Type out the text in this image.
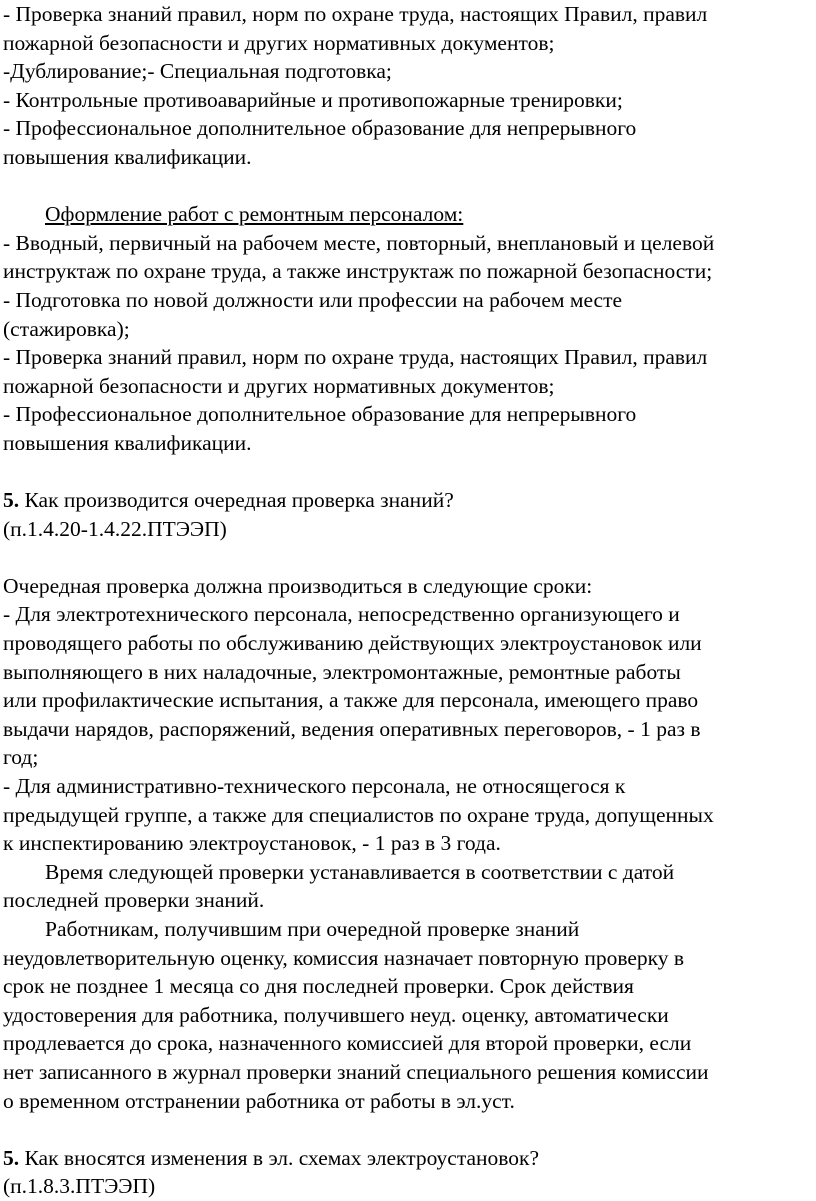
- Проверка знаний правил, норм по охране труда, настоящих Правил, правил
пожарной безопасности и других нормативных документов;
-Дублирование;- Специальная подготовка;
- Контрольные противоаварийные и противопожарные тренировки;
- Профессиональное дополнительное образование для непрерывного
повышения квалификации.
Оформление работ с ремонтным персоналом:
- Вводный, первичный на рабочем месте, повторный, внеплановый и целевой
инструктаж по охране труда, а также инструктаж по пожарной безопасности;
- Подготовка по новой должности или профессии на рабочем месте
(стажировка);
- Проверка знаний правил, норм по охране труда, настоящих Правил, правил
пожарной безопасности и других нормативных документов;
- Профессиональное дополнительное образование для непрерывного
повышения квалификации.
5. Как производится очередная проверка знаний?
(п.1.4.20-1.4.22.ПТЭЭП)
Очередная проверка должна производиться в следующие сроки:
- Для электротехнического персонала, непосредственно организующего и
проводящего работы по обслуживанию действующих электроустановок или
выполняющего в них наладочные, электромонтажные, ремонтные работы
или профилактические испытания, а также для персонала, имеющего право
выдачи нарядов, распоряжений, ведения оперативных переговоров, - 1 раз в
год;
- Для административно-технического персонала, не относящегося к
предыдущей группе, а также для специалистов по охране труда, допущенных
к инспектированию электроустановок, - 1 раз в 3 года.
Время следующей проверки устанавливается в соответствии с датой
последней проверки знаний.
Работникам, получившим при очередной проверке знаний
неудовлетворительную оценку, комиссия назначает повторную проверку в
срок не позднее 1 месяца со дня последней проверки. Срок действия
удостоверения для работника, получившего неуд. оценку, автоматически
продлевается до срока, назначенного комиссией для второй проверки, если
нет записанного в журнал проверки знаний специального решения комиссии
о временном отстранении работника от работы в эл.уст.
5. Как вносятся изменения в эл. схемах электроустановок?
(п.1.8.3.ПТЭЭП)
